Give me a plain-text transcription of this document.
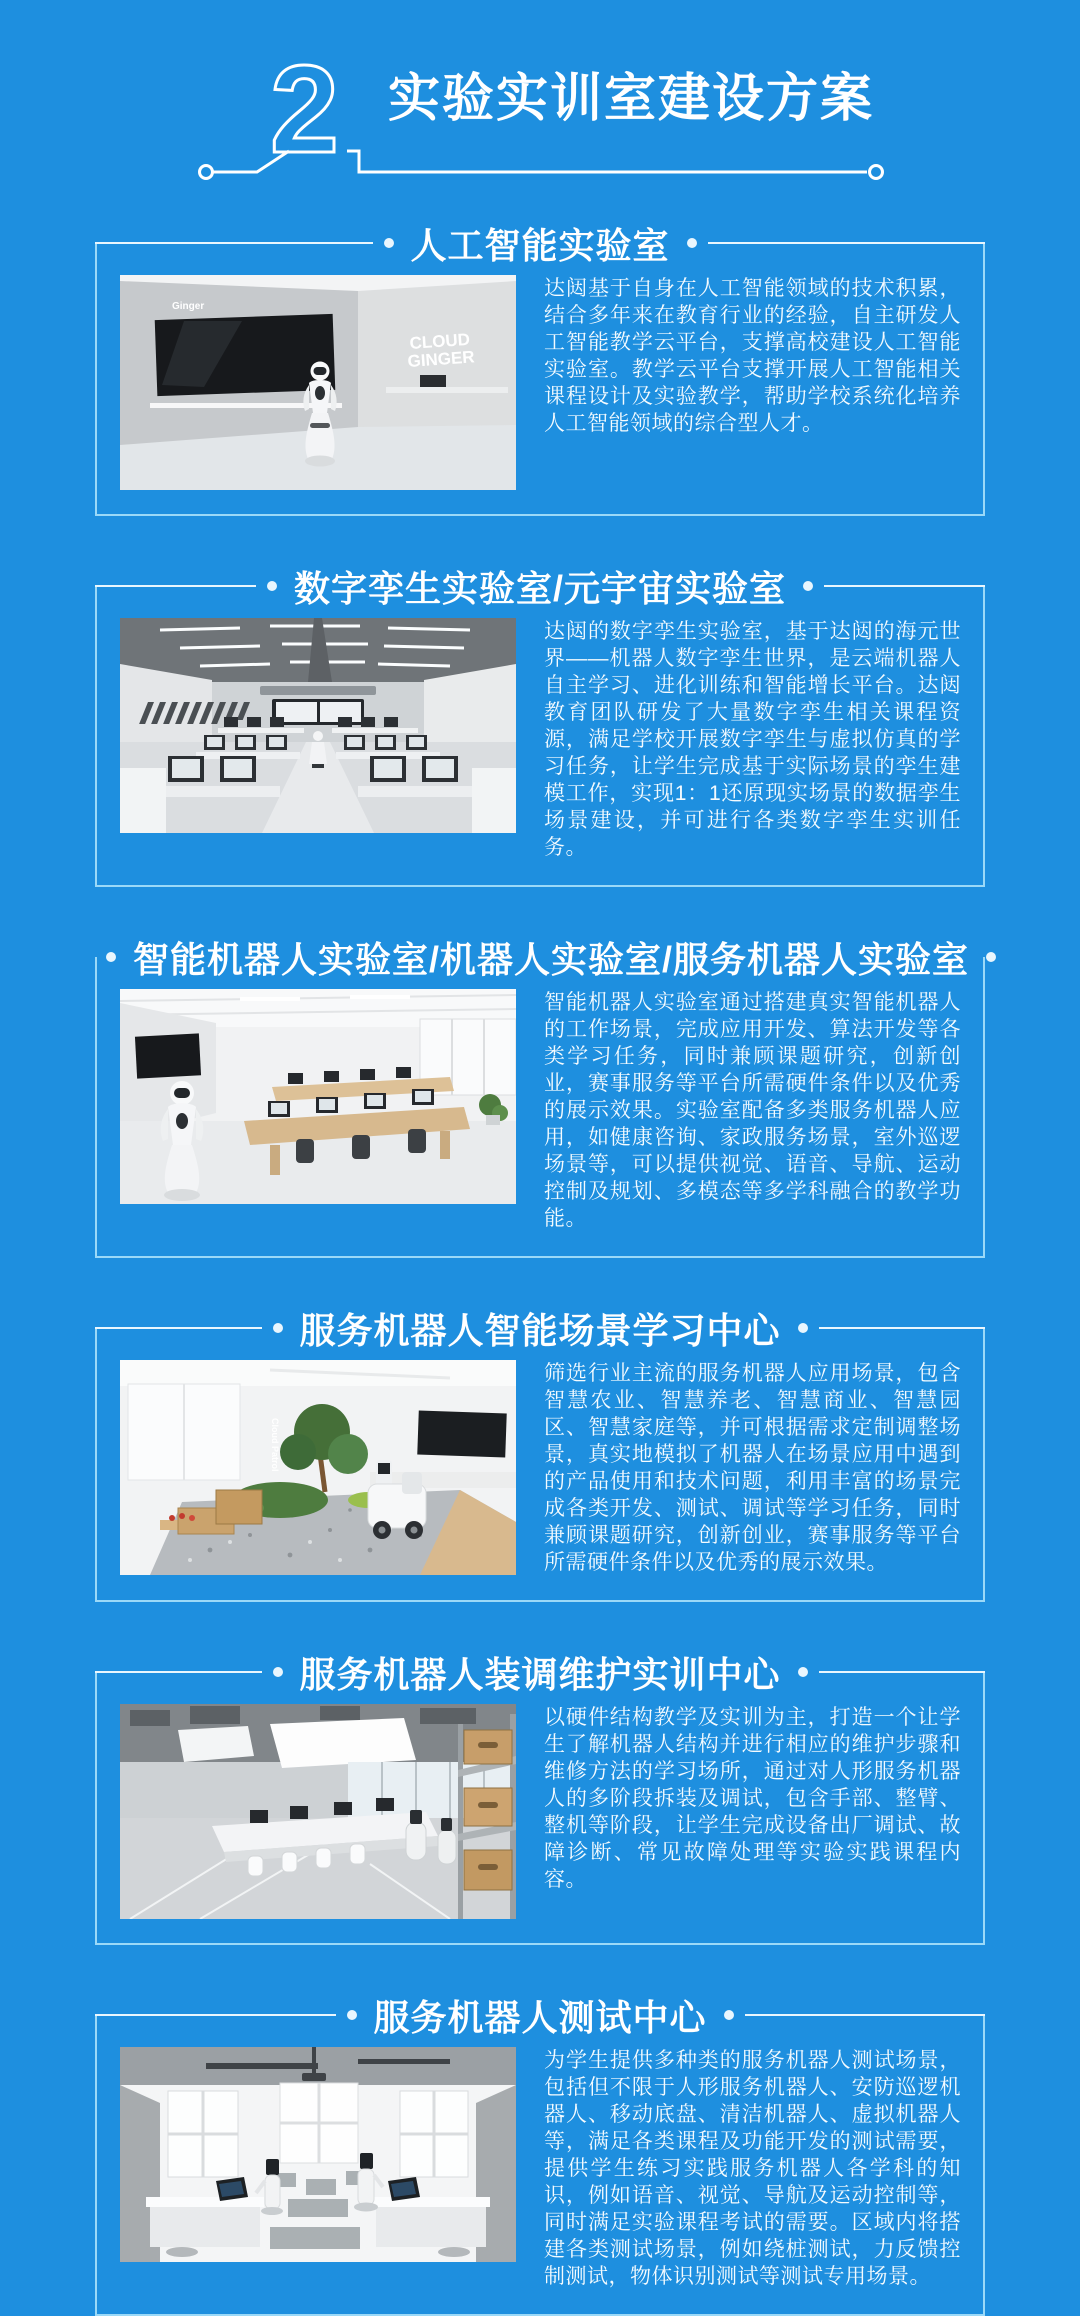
2 实验实训室建设方案
人工智能实验室
Ginger
CLOUD
GINGER

达闼基于自身在人工智能领域的技术积累，结合多年来在教育行业的经验，自主研发人工智能教学云平台，支撑高校建设人工智能实验室。教学云平台支撑开展人工智能相关课程设计及实验教学，帮助学校系统化培养人工智能领域的综合型人才。

数字孪生实验室/元宇宙实验室

达闼的数字孪生实验室，基于达闼的海元世界——机器人数字孪生世界，是云端机器人自主学习、进化训练和智能增长平台。达闼教育团队研发了大量数字孪生相关课程资源，满足学校开展数字孪生与虚拟仿真的学习任务，让学生完成基于实际场景的孪生建模工作，实现1：1还原现实场景的数据孪生场景建设，并可进行各类数字孪生实训任务。

智能机器人实验室/机器人实验室/服务机器人实验室

智能机器人实验室通过搭建真实智能机器人的工作场景，完成应用开发、算法开发等各类学习任务，同时兼顾课题研究，创新创业，赛事服务等平台所需硬件条件以及优秀的展示效果。实验室配备多类服务机器人应用，如健康咨询、家政服务场景，室外巡逻场景等，可以提供视觉、语音、导航、运动控制及规划、多模态等多学科融合的教学功能。

服务机器人智能场景学习中心
Cloud Patrol

筛选行业主流的服务机器人应用场景，包含智慧农业、智慧养老、智慧商业、智慧园区、智慧家庭等，并可根据需求定制调整场景，真实地模拟了机器人在场景应用中遇到的产品使用和技术问题，利用丰富的场景完成各类开发、测试、调试等学习任务，同时兼顾课题研究，创新创业，赛事服务等平台所需硬件条件以及优秀的展示效果。

服务机器人装调维护实训中心

以硬件结构教学及实训为主，打造一个让学生了解机器人结构并进行相应的维护步骤和维修方法的学习场所，通过对人形服务机器人的多阶段拆装及调试，包含手部、整臂、整机等阶段，让学生完成设备出厂调试、故障诊断、常见故障处理等实验实践课程内容。

服务机器人测试中心

为学生提供多种类的服务机器人测试场景，包括但不限于人形服务机器人、安防巡逻机器人、移动底盘、清洁机器人、虚拟机器人等，满足各类课程及功能开发的测试需要，提供学生练习实践服务机器人各学科的知识，例如语音、视觉、导航及运动控制等，同时满足实验课程考试的需要。区域内将搭建各类测试场景，例如绕桩测试，力反馈控制测试，物体识别测试等测试专用场景。
